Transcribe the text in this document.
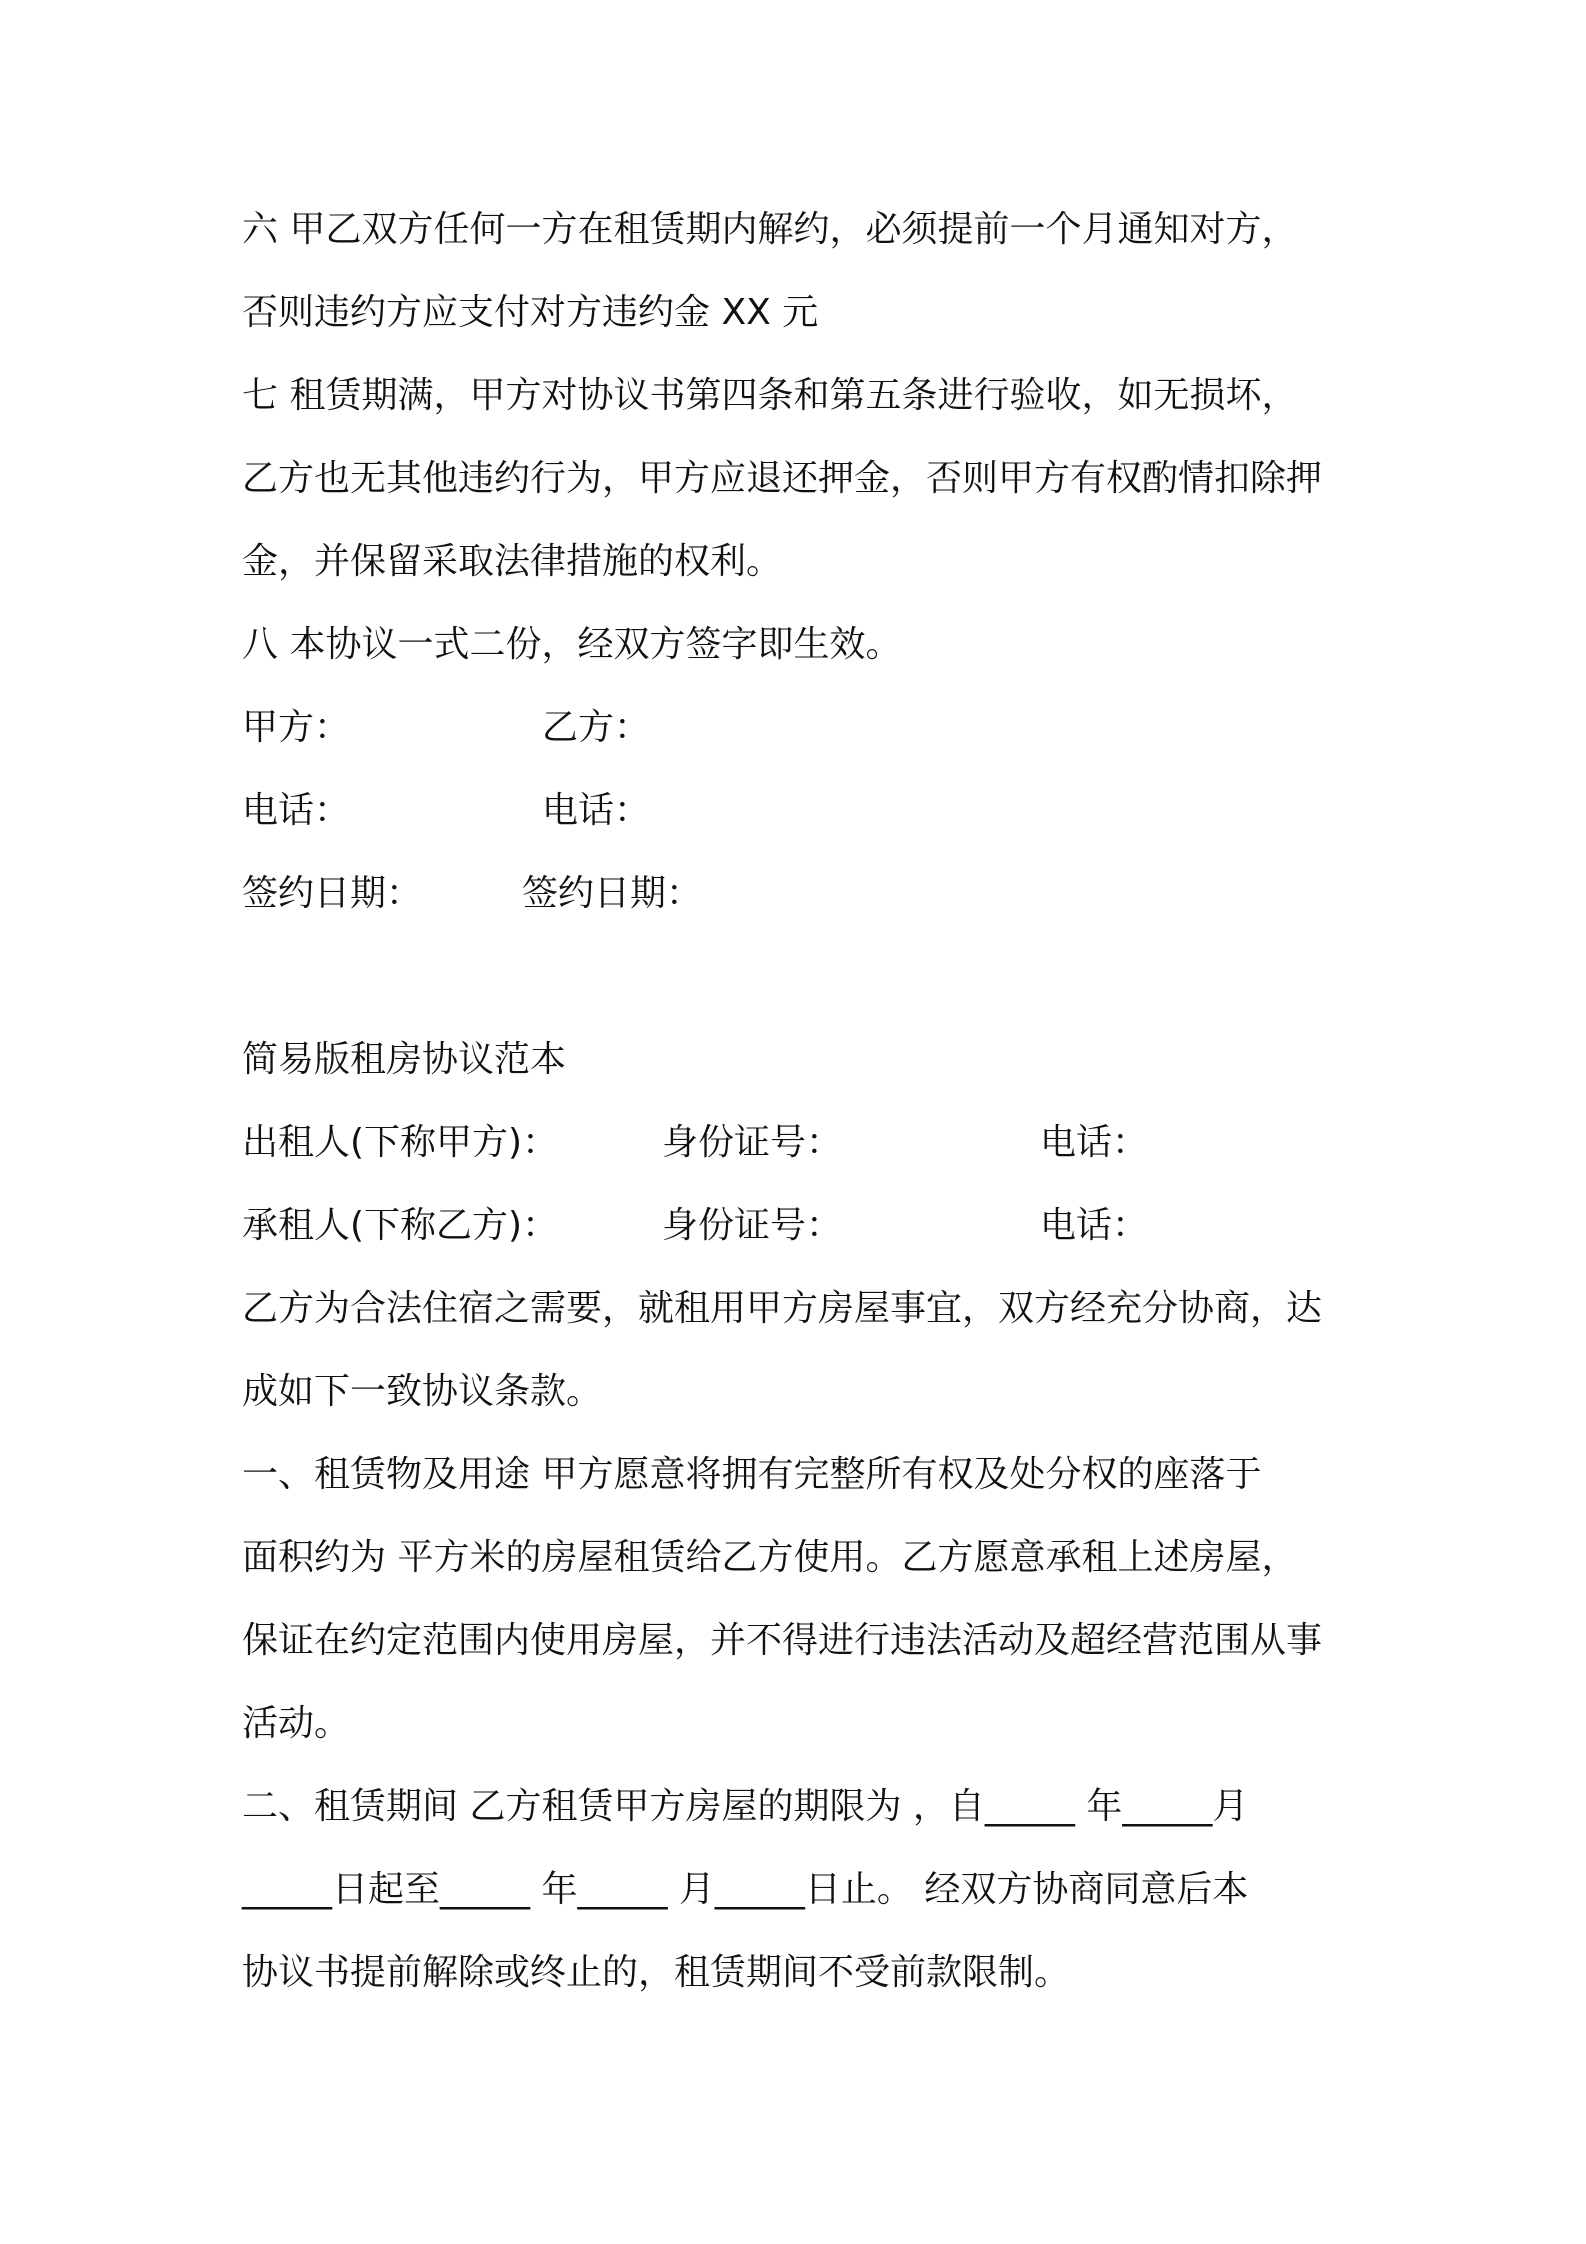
六 甲乙双方任何一方在租赁期内解约，必须提前一个月通知对方，
否则违约方应支付对方违约金 XX 元
七 租赁期满，甲方对协议书第四条和第五条进行验收，如无损坏，
乙方也无其他违约行为，甲方应退还押金，否则甲方有权酌情扣除押
金，并保留采取法律措施的权利。
八 本协议一式二份，经双方签字即生效。
甲方：	乙方：
电话：	电话：
签约日期：	签约日期：
简易版租房协议范本
出租人(下称甲方)：	身份证号：	电话：
承租人(下称乙方)：	身份证号：	电话：
乙方为合法住宿之需要，就租用甲方房屋事宜，双方经充分协商，达
成如下一致协议条款。
一、租赁物及用途 甲方愿意将拥有完整所有权及处分权的座落于
面积约为 平方米的房屋租赁给乙方使用。乙方愿意承租上述房屋，
保证在约定范围内使用房屋，并不得进行违法活动及超经营范围从事
活动。
二、租赁期间 乙方租赁甲方房屋的期限为 ，自_____ 年_____月
_____日起至_____ 年_____ 月_____日止。 经双方协商同意后本
协议书提前解除或终止的，租赁期间不受前款限制。
